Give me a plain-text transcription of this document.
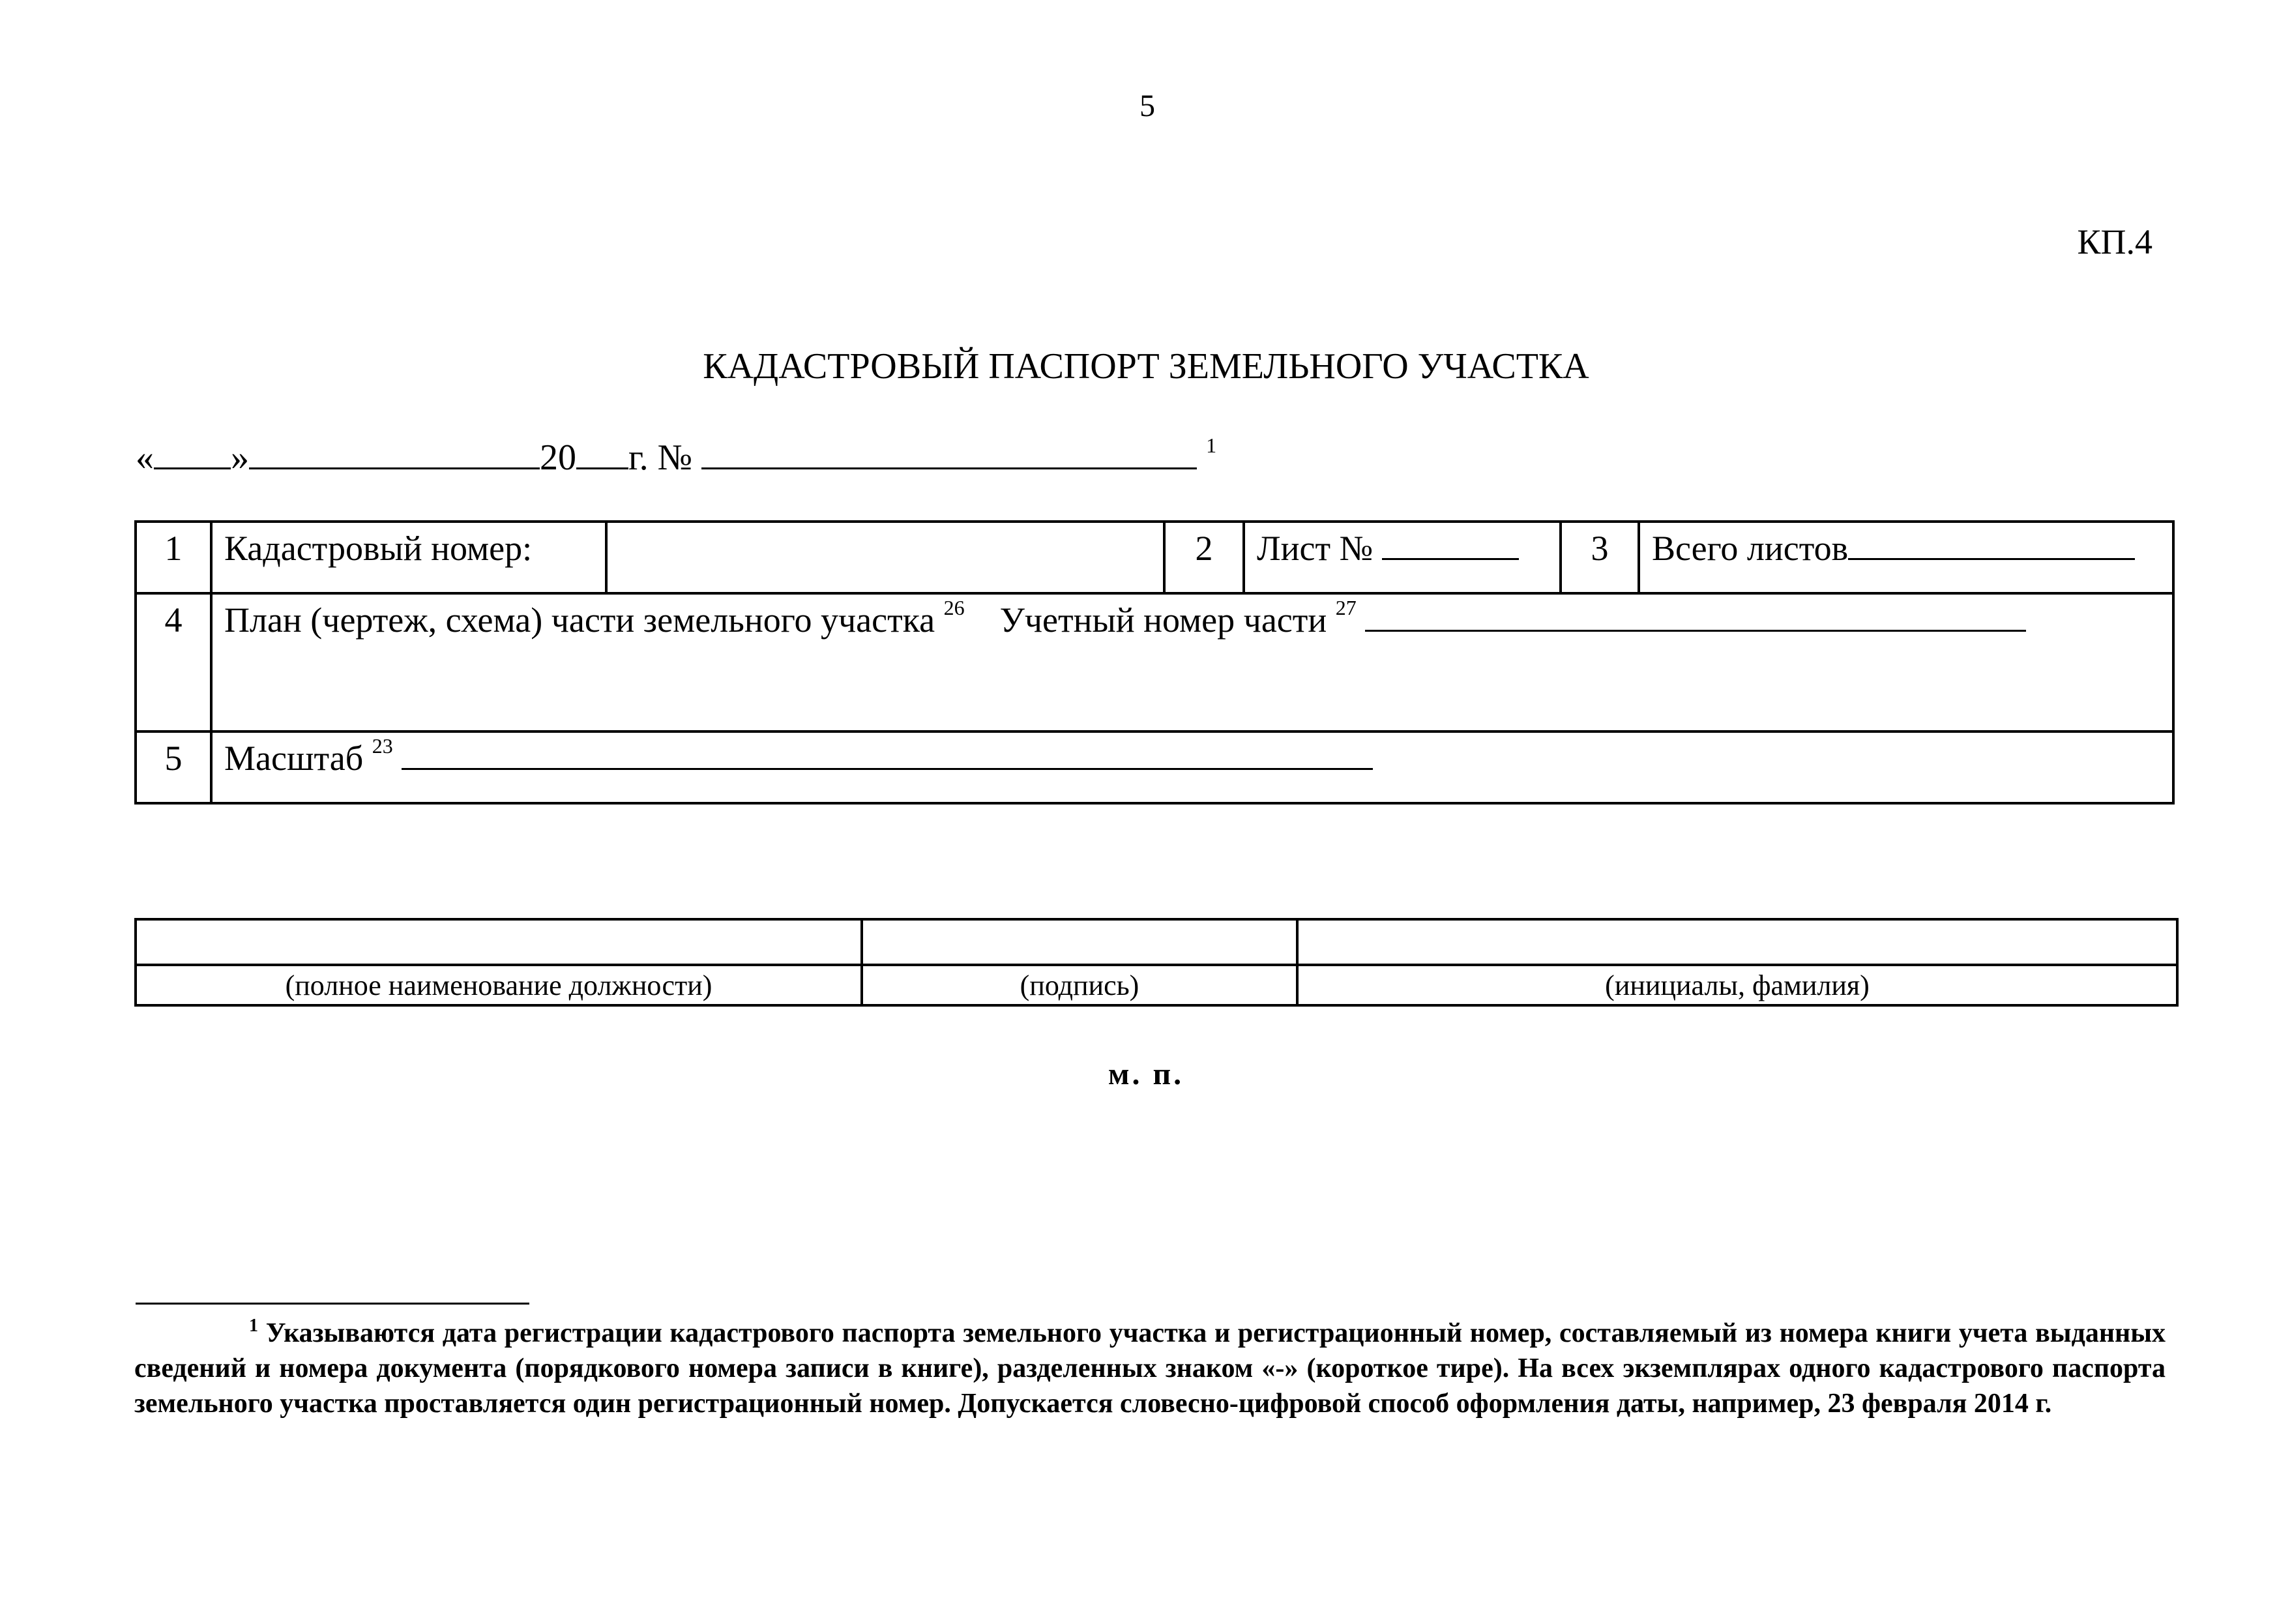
5
КП.4
КАДАСТРОВЫЙ ПАСПОРТ ЗЕМЕЛЬНОГО УЧАСТКА
« »	20 г. №	$^1$
1	Кадастровый номер:		2	Лист №	3	Всего листов
4	План (чертеж, схема) части земельного участка $^{26}$ Учетный номер части $^{27}$
5	Масштаб $^{23}$

(полное наименование должности)	(подпись)	(инициалы, фамилия)
м. п.
$^1$ Указываются дата регистрации кадастрового паспорта земельного участка и регистрационный номер, составляемый из номера книги учета выданных сведений и номера документа (порядкового номера записи в книге), разделенных знаком «-» (короткое тире). На всех экземплярах одного кадастрового паспорта земельного участка проставляется один регистрационный номер. Допускается словесно-цифровой способ оформления даты, например, 23 февраля 2014 г.
